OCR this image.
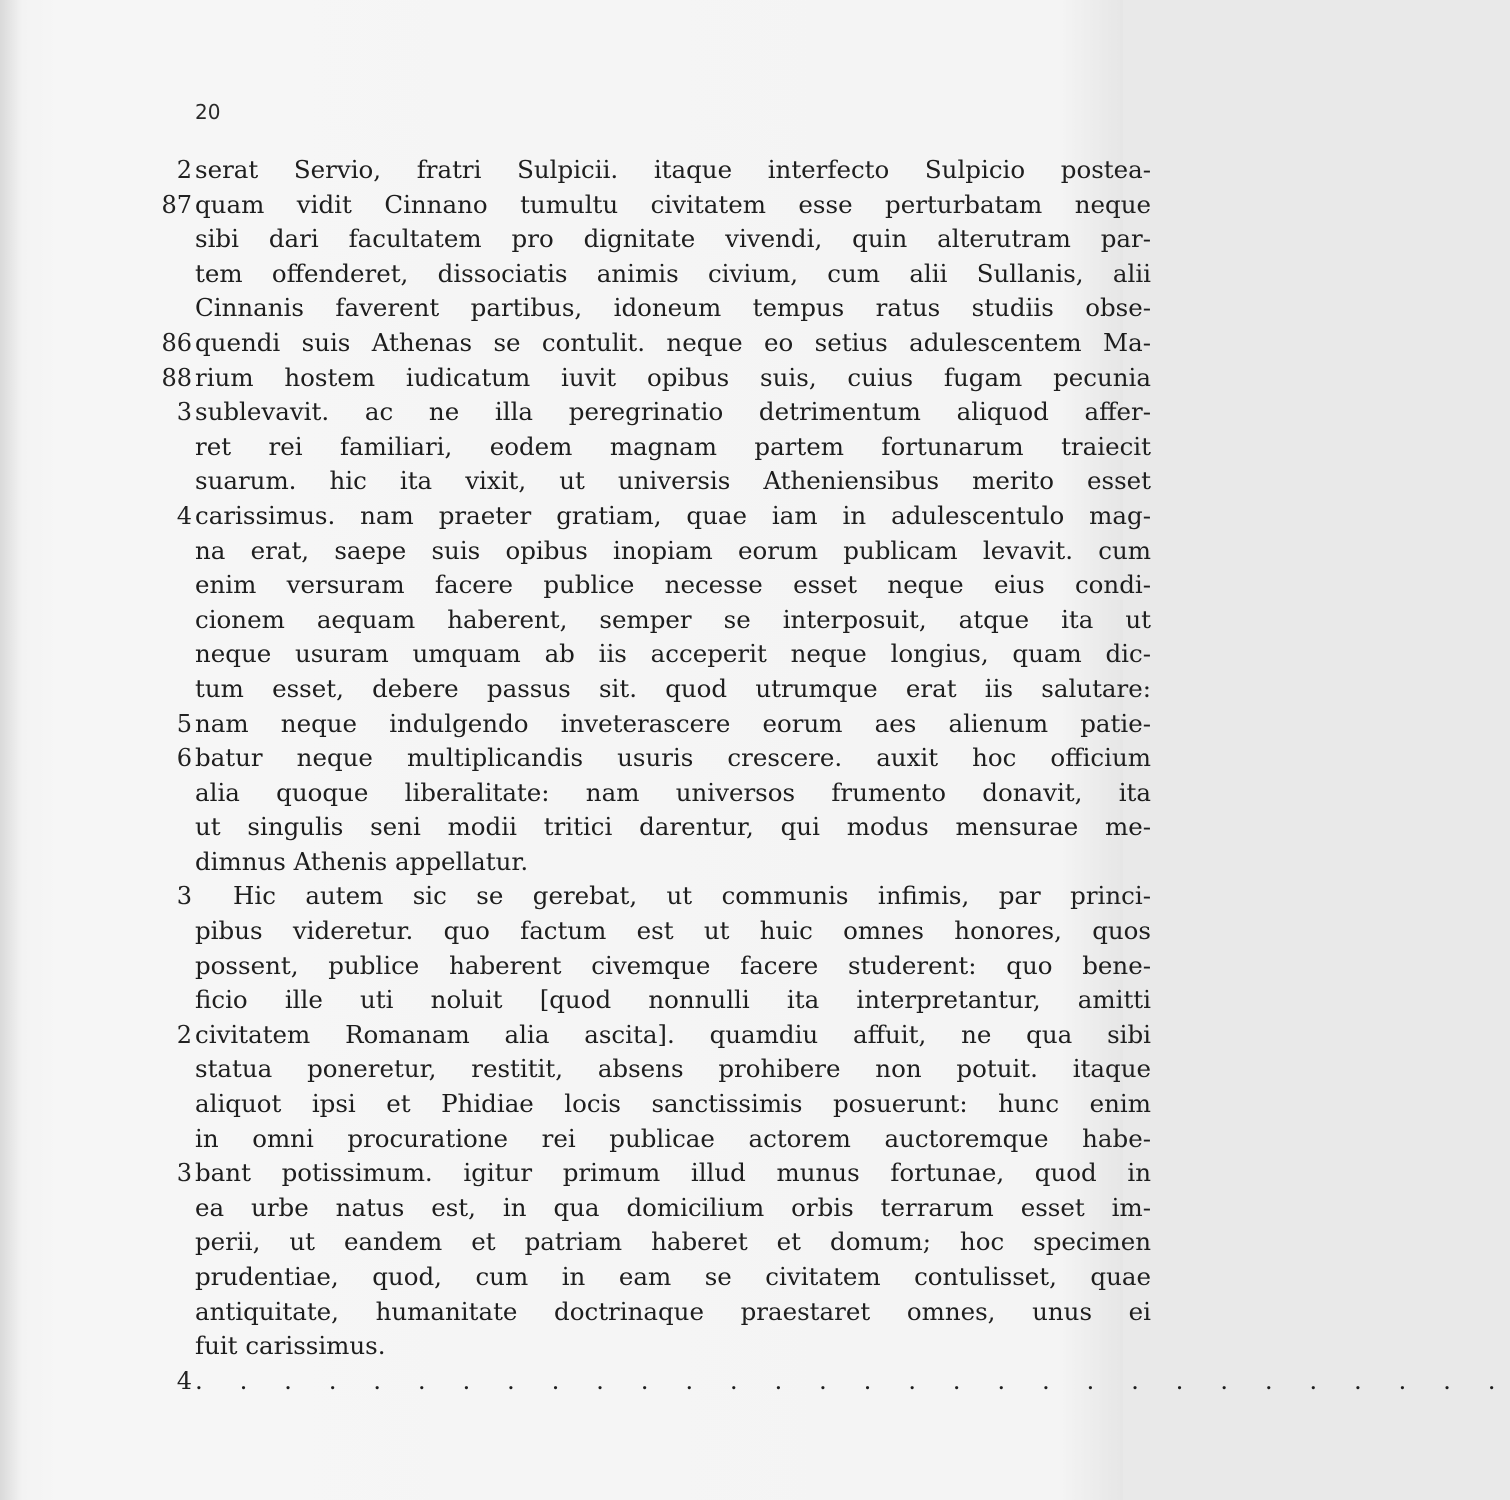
20
2 serat Servio, fratri Sulpicii. itaque interfecto Sulpicio postea-
87 quam vidit Cinnano tumultu civitatem esse perturbatam neque
sibi dari facultatem pro dignitate vivendi, quin alterutram par-
tem offenderet, dissociatis animis civium, cum alii Sullanis, alii
Cinnanis faverent partibus, idoneum tempus ratus studiis obse-
86 quendi suis Athenas se contulit. neque eo setius adulescentem Ma-
88 rium hostem iudicatum iuvit opibus suis, cuius fugam pecunia
3 sublevavit. ac ne illa peregrinatio detrimentum aliquod affer-
ret rei familiari, eodem magnam partem fortunarum traiecit
suarum. hic ita vixit, ut universis Atheniensibus merito esset
4 carissimus. nam praeter gratiam, quae iam in adulescentulo mag-
na erat, saepe suis opibus inopiam eorum publicam levavit. cum
enim versuram facere publice necesse esset neque eius condi-
cionem aequam haberent, semper se interposuit, atque ita ut
neque usuram umquam ab iis acceperit neque longius, quam dic-
tum esset, debere passus sit. quod utrumque erat iis salutare:
5 nam neque indulgendo inveterascere eorum aes alienum patie-
6 batur neque multiplicandis usuris crescere. auxit hoc officium
alia quoque liberalitate: nam universos frumento donavit, ita
ut singulis seni modii tritici darentur, qui modus mensurae me-
dimnus Athenis appellatur.
3	Hic autem sic se gerebat, ut communis infimis, par princi-
pibus videretur. quo factum est ut huic omnes honores, quos
possent, publice haberent civemque facere studerent: quo bene-
ficio ille uti noluit [quod nonnulli ita interpretantur, amitti
2 civitatem Romanam alia ascita]. quamdiu affuit, ne qua sibi
statua poneretur, restitit, absens prohibere non potuit. itaque
aliquot ipsi et Phidiae locis sanctissimis posuerunt: hunc enim
in omni procuratione rei publicae actorem auctoremque habe-
3 bant potissimum. igitur primum illud munus fortunae, quod in
ea urbe natus est, in qua domicilium orbis terrarum esset im-
perii, ut eandem et patriam haberet et domum; hoc specimen
prudentiae, quod, cum in eam se civitatem contulisset, quae
antiquitate, humanitate doctrinaque praestaret omnes, unus ei
fuit carissimus.
4 . . . . . . . . . . . . . . . . . . . . . . . . . . . . . .
